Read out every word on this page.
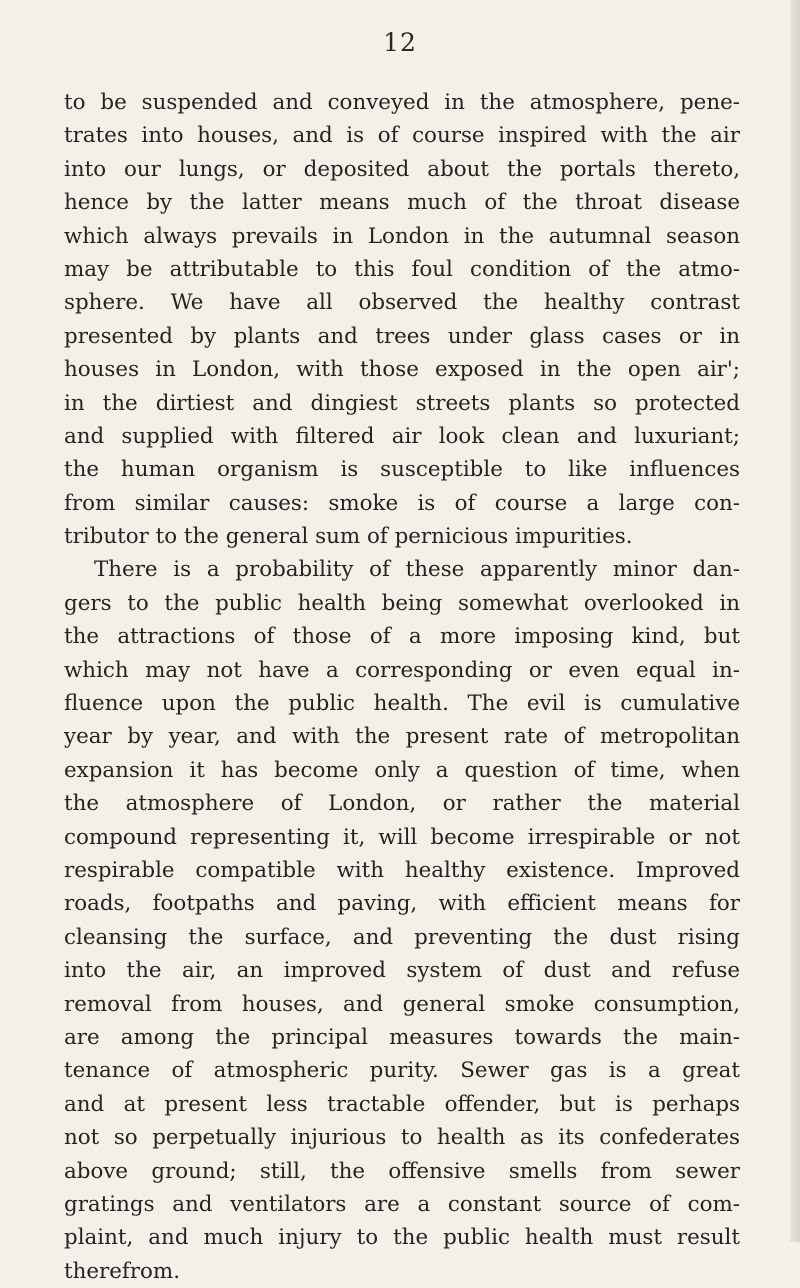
12
to be suspended and conveyed in the atmosphere, pene-
trates into houses, and is of course inspired with the air
into our lungs, or deposited about the portals thereto,
hence by the latter means much of the throat disease
which always prevails in London in the autumnal season
may be attributable to this foul condition of the atmo-
sphere. We have all observed the healthy contrast
presented by plants and trees under glass cases or in
houses in London, with those exposed in the open air';
in the dirtiest and dingiest streets plants so protected
and supplied with filtered air look clean and luxuriant;
the human organism is susceptible to like influences
from similar causes: smoke is of course a large con-
tributor to the general sum of pernicious impurities.
There is a probability of these apparently minor dan-
gers to the public health being somewhat overlooked in
the attractions of those of a more imposing kind, but
which may not have a corresponding or even equal in-
fluence upon the public health. The evil is cumulative
year by year, and with the present rate of metropolitan
expansion it has become only a question of time, when
the atmosphere of London, or rather the material
compound representing it, will become irrespirable or not
respirable compatible with healthy existence. Improved
roads, footpaths and paving, with efficient means for
cleansing the surface, and preventing the dust rising
into the air, an improved system of dust and refuse
removal from houses, and general smoke consumption,
are among the principal measures towards the main-
tenance of atmospheric purity. Sewer gas is a great
and at present less tractable offender, but is perhaps
not so perpetually injurious to health as its confederates
above ground; still, the offensive smells from sewer
gratings and ventilators are a constant source of com-
plaint, and much injury to the public health must result
therefrom.
